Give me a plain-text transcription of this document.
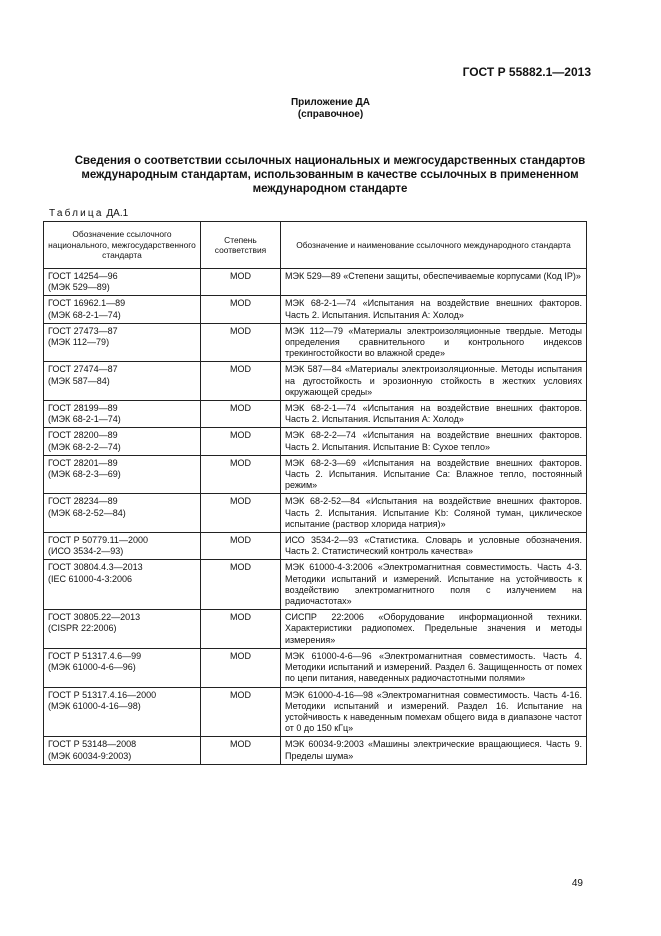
ГОСТ Р 55882.1—2013
Приложение ДА
(справочное)
Сведения о соответствии ссылочных национальных и межгосударственных стандартов международным стандартам, использованным в качестве ссылочных в примененном международном стандарте
Таблица ДА.1
Обозначение ссылочного национального, межгосударственного стандарта	Степень соответствия	Обозначение и наименование ссылочного международного стандарта
ГОСТ 14254—96
(МЭК 529—89)	MOD	МЭК 529—89 «Степени защиты, обеспечиваемые корпусами (Код IP)»
ГОСТ 16962.1—89
(МЭК 68-2-1—74)	MOD	МЭК 68-2-1—74 «Испытания на воздействие внешних факторов. Часть 2. Испытания. Испытания А: Холод»
ГОСТ 27473—87
(МЭК 112—79)	MOD	МЭК 112—79 «Материалы электроизоляционные твердые. Методы определения сравнительного и контрольного индексов трекингостойкости во влажной среде»
ГОСТ 27474—87
(МЭК 587—84)	MOD	МЭК 587—84 «Материалы электроизоляционные. Методы испытания на дугостойкость и эрозионную стойкость в жестких условиях окружающей среды»
ГОСТ 28199—89
(МЭК 68-2-1—74)	MOD	МЭК 68-2-1—74 «Испытания на воздействие внешних факторов. Часть 2. Испытания. Испытания А: Холод»
ГОСТ 28200—89
(МЭК 68-2-2—74)	MOD	МЭК 68-2-2—74 «Испытания на воздействие внешних факторов. Часть 2. Испытания. Испытание В: Сухое тепло»
ГОСТ 28201—89
(МЭК 68-2-3—69)	MOD	МЭК 68-2-3—69 «Испытания на воздействие внешних факторов. Часть 2. Испытания. Испытание Са: Влажное тепло, постоянный режим»
ГОСТ 28234—89
(МЭК 68-2-52—84)	MOD	МЭК 68-2-52—84 «Испытания на воздействие внешних факторов. Часть 2. Испытания. Испытание Kb: Соляной туман, циклическое испытание (раствор хлорида натрия)»
ГОСТ Р 50779.11—2000
(ИСО 3534-2—93)	MOD	ИСО 3534-2—93 «Статистика. Словарь и условные обозначения. Часть 2. Статистический контроль качества»
ГОСТ 30804.4.3—2013
(IEC 61000-4-3:2006	MOD	МЭК 61000-4-3:2006 «Электромагнитная совместимость. Часть 4-3. Методики испытаний и измерений. Испытание на устойчивость к воздействию электромагнитного поля с излучением на радиочастотах»
ГОСТ 30805.22—2013
(CISPR 22:2006)	MOD	СИСПР 22:2006 «Оборудование информационной техники. Характеристики радиопомех. Предельные значения и методы измерения»
ГОСТ Р 51317.4.6—99
(МЭК 61000-4-6—96)	MOD	МЭК 61000-4-6—96 «Электромагнитная совместимость. Часть 4. Методики испытаний и измерений. Раздел 6. Защищенность от помех по цепи питания, наведенных радиочастотными полями»
ГОСТ Р 51317.4.16—2000
(МЭК 61000-4-16—98)	MOD	МЭК 61000-4-16—98 «Электромагнитная совместимость. Часть 4-16. Методики испытаний и измерений. Раздел 16. Испытание на устойчивость к наведенным помехам общего вида в диапазоне частот от 0 до 150 кГц»
ГОСТ Р 53148—2008
(МЭК 60034-9:2003)	MOD	МЭК 60034-9:2003 «Машины электрические вращающиеся. Часть 9. Пределы шума»
49
